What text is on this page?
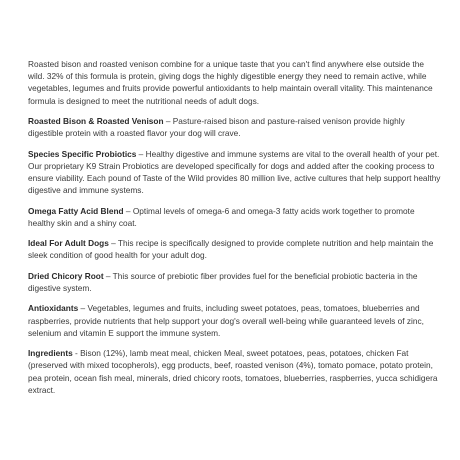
Roasted bison and roasted venison combine for a unique taste that you can't find anywhere else outside the wild. 32% of this formula is protein, giving dogs the highly digestible energy they need to remain active, while vegetables, legumes and fruits provide powerful antioxidants to help maintain overall vitality. This maintenance formula is designed to meet the nutritional needs of adult dogs.

Roasted Bison & Roasted Venison – Pasture-raised bison and pasture-raised venison provide highly digestible protein with a roasted flavor your dog will crave.

Species Specific Probiotics – Healthy digestive and immune systems are vital to the overall health of your pet. Our proprietary K9 Strain Probiotics are developed specifically for dogs and added after the cooking process to ensure viability. Each pound of Taste of the Wild provides 80 million live, active cultures that help support healthy digestive and immune systems.

Omega Fatty Acid Blend – Optimal levels of omega-6 and omega-3 fatty acids work together to promote healthy skin and a shiny coat.

Ideal For Adult Dogs – This recipe is specifically designed to provide complete nutrition and help maintain the sleek condition of good health for your adult dog.

Dried Chicory Root – This source of prebiotic fiber provides fuel for the beneficial probiotic bacteria in the digestive system.

Antioxidants – Vegetables, legumes and fruits, including sweet potatoes, peas, tomatoes, blueberries and raspberries, provide nutrients that help support your dog's overall well-being while guaranteed levels of zinc, selenium and vitamin E support the immune system.

Ingredients - Bison (12%), lamb meat meal, chicken Meal, sweet potatoes, peas, potatoes, chicken Fat (preserved with mixed tocopherols), egg products, beef, roasted venison (4%), tomato pomace, potato protein, pea protein, ocean fish meal, minerals, dried chicory roots, tomatoes, blueberries, raspberries, yucca schidigera extract.
